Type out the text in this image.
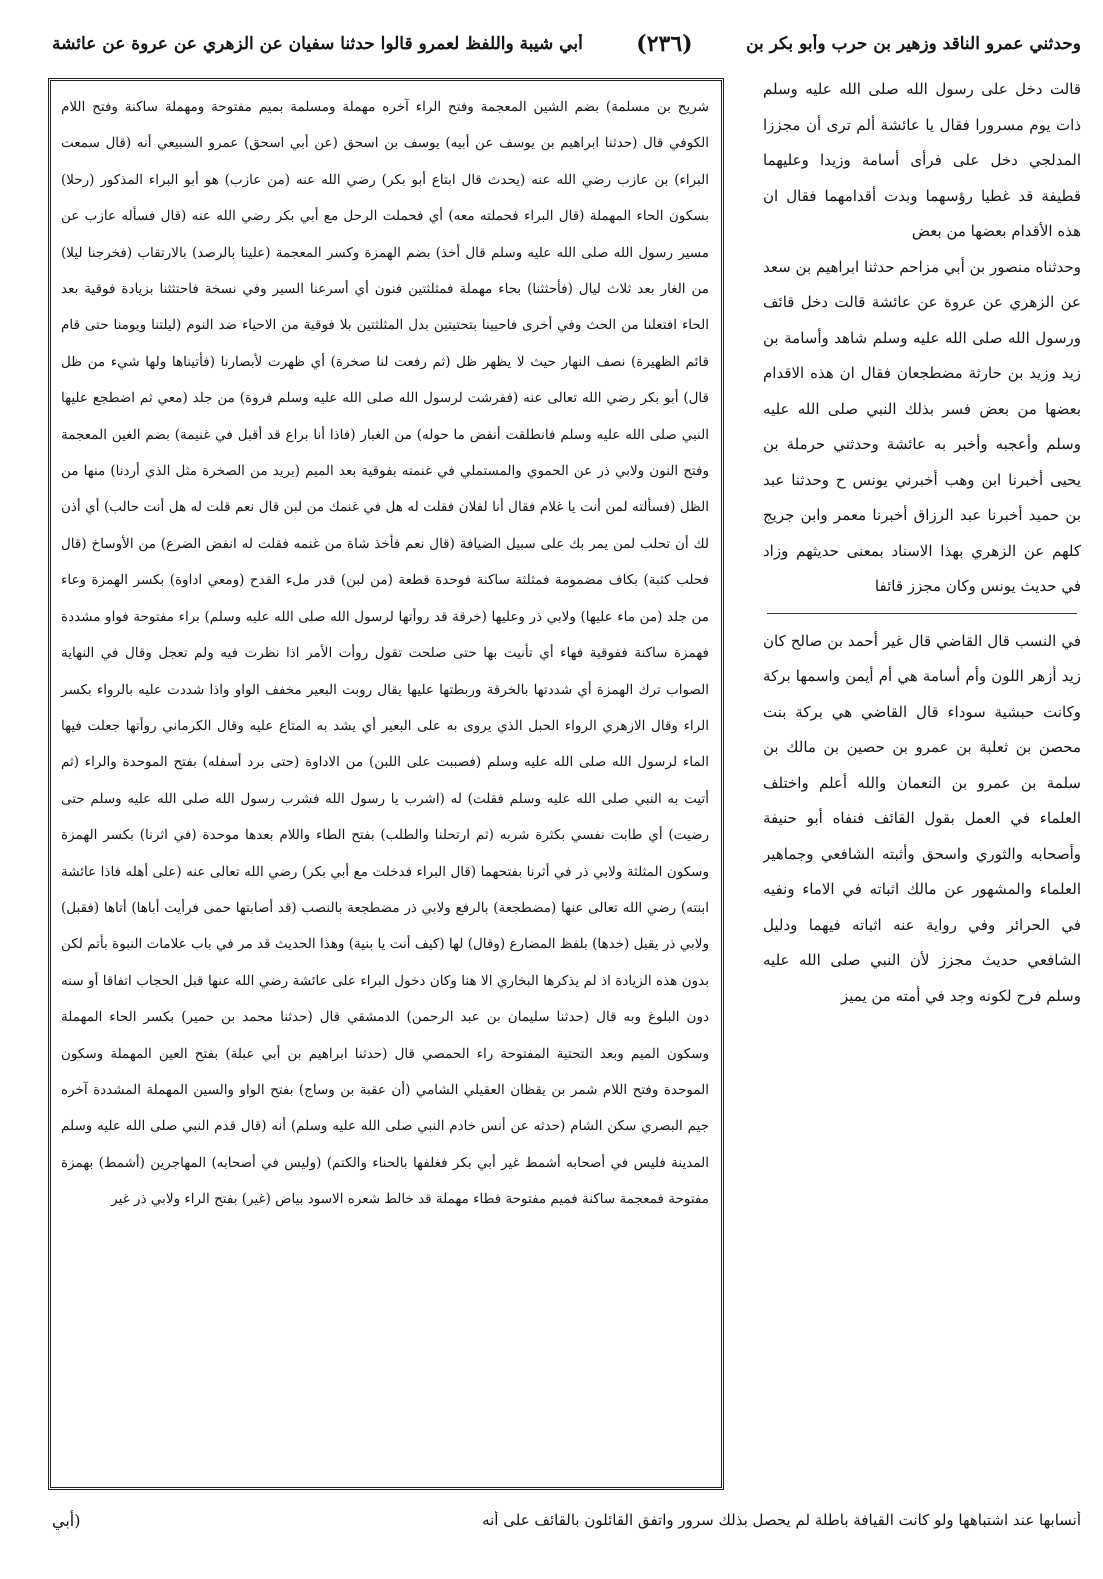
وحدثني عمرو الناقد وزهير بن حرب وأبو بكر بن
(٢٣٦)
أبي شيبة واللفظ لعمرو قالوا حدثنا سفيان عن الزهري عن عروة عن عائشة

قالت دخل على رسول الله صلى الله عليه وسلم ذات يوم مسرورا فقال يا عائشة ألم ترى أن مجززا المدلجي دخل على فرأى أسامة وزيدا وعليهما قطيفة قد غطيا رؤسهما وبدت أقدامهما فقال ان هذه الأقدام بعضها من بعض

وحدثناه منصور بن أبي مزاحم حدثنا ابراهيم بن سعد عن الزهري عن عروة عن عائشة قالت دخل قائف ورسول الله صلى الله عليه وسلم شاهد وأسامة بن زيد وزيد بن حارثة مضطجعان فقال ان هذه الاقدام بعضها من بعض فسر بذلك النبي صلى الله عليه وسلم وأعجبه وأخبر به عائشة وحدثني حرملة بن يحيى أخبرنا ابن وهب أخبرني يونس ح وحدثنا عبد بن حميد أخبرنا عبد الرزاق أخبرنا معمر وابن جريج كلهم عن الزهري بهذا الاسناد بمعنى حديثهم وزاد في حديث يونس وكان مجزز قائفا

في النسب قال القاضي قال غير أحمد بن صالح كان زيد أزهر اللون وأم أسامة هي أم أيمن واسمها بركة وكانت حبشية سوداء قال القاضي هي بركة بنت محصن بن ثعلبة بن عمرو بن حصين بن مالك بن سلمة بن عمرو بن النعمان والله أعلم واختلف العلماء في العمل بقول القائف فنفاه أبو حنيفة وأصحابه والثوري واسحق وأثبته الشافعي وجماهير العلماء والمشهور عن مالك اثباته في الاماء ونفيه في الحرائر وفي رواية عنه اثباته فيهما ودليل الشافعي حديث مجزز لأن النبي صلى الله عليه وسلم فرح لكونه وجد في أمته من يميز

شريح بن مسلمة) بضم الشين المعجمة وفتح الراء آخره مهملة ومسلمة بميم مفتوحة ومهملة ساكنة وفتح اللام الكوفي قال (حدثنا ابراهيم بن يوسف عن أبيه) يوسف بن اسحق (عن أبي اسحق) عمرو السبيعي أنه (قال سمعت البراء) بن عازب رضي الله عنه (يحدث قال ابتاع أبو بكر) رضي الله عنه (من عازب) هو أبو البراء المذكور (رحلا) بسكون الحاء المهملة (قال البراء فحملته معه) أي فحملت الرحل مع أبي بكر رضي الله عنه (قال فسأله عازب عن مسير رسول الله صلى الله عليه وسلم قال أخذ) بضم الهمزة وكسر المعجمة (علينا بالرصد) بالارتقاب (فخرجنا ليلا) من الغار بعد ثلاث ليال (فأحثثنا) بحاء مهملة فمثلثتين فنون أي أسرعنا السير وفي نسخة فاحتثثنا بزيادة فوقية بعد الحاء افتعلنا من الحث وفي أخرى فاحيينا بتحتيتين بدل المثلثتين بلا فوقية من الاحياء ضد النوم (ليلتنا ويومنا حتى قام قائم الظهيرة) نصف النهار حيث لا يظهر ظل (ثم رفعت لنا صخرة) أي ظهرت لأبصارنا (فأتيناها ولها شيء من ظل قال) أبو بكر رضي الله تعالى عنه (ففرشت لرسول الله صلى الله عليه وسلم فروة) من جلد (معي ثم اضطجع عليها النبي صلى الله عليه وسلم فانطلقت أنفض ما حوله) من الغبار (فاذا أنا براع قد أقبل في غنيمة) بضم الغين المعجمة وفتح النون ولابي ذر عن الحموي والمستملي في غنمته بفوقية بعد الميم (يريد من الصخرة مثل الذي أردنا) منها من الظل (فسألته لمن أنت يا غلام فقال أنا لفلان فقلت له هل في غنمك من لبن قال نعم قلت له هل أنت حالب) أي أذن لك أن تحلب لمن يمر بك على سبيل الضيافة (قال نعم فأخذ شاة من غنمه فقلت له انفض الضرع) من الأوساخ (قال فحلب كثبة) بكاف مضمومة فمثلثة ساكنة فوحدة قطعة (من لبن) قدر ملء القدح (ومعي اداوة) بكسر الهمزة وعاء من جلد (من ماء عليها) ولابي ذر وعليها (خرقة قد روأتها لرسول الله صلى الله عليه وسلم) براء مفتوحة فواو مشددة فهمزة ساكنة ففوقية فهاء أي تأنيت بها حتى صلحت تقول روأت الأمر اذا نظرت فيه ولم تعجل وقال في النهاية الصواب ترك الهمزة أي شددتها بالخرقة وربطتها عليها يقال روبت البعير مخفف الواو واذا شددت عليه بالرواء بكسر الراء وقال الازهري الرواء الحبل الذي يروى به على البعير أي يشد به المتاع عليه وقال الكرماني روأتها جعلت فيها الماء لرسول الله صلى الله عليه وسلم (فصببت على اللبن) من الاداوة (حتى برد أسفله) بفتح الموحدة والراء (ثم أتيت به النبي صلى الله عليه وسلم فقلت) له (اشرب يا رسول الله فشرب رسول الله صلى الله عليه وسلم حتى رضيت) أي طابت نفسي بكثرة شربه (ثم ارتحلنا والطلب) بفتح الطاء واللام بعدها موحدة (في اثرنا) بكسر الهمزة وسكون المثلثة ولابي ذر في أثرنا بفتحهما (قال البراء فدخلت مع أبي بكر) رضي الله تعالى عنه (على أهله فاذا عائشة ابنته) رضي الله تعالى عنها (مضطجعة) بالرفع ولابي ذر مضطجعة بالنصب (قد أصابتها حمى فرأيت أباها) أتاها (فقبل) ولابي ذر يقبل (خدها) بلفظ المضارع (وقال) لها (كيف أنت يا بنية) وهذا الحديث قد مر في باب علامات النبوة بأتم لكن بدون هذه الزيادة اذ لم يذكرها البخاري الا هنا وكان دخول البراء على عائشة رضي الله عنها قبل الحجاب اتفاقا أو سنه دون البلوغ وبه قال (حدثنا سليمان بن عبد الرحمن) الدمشقي قال (حدثنا محمد بن حمير) بكسر الحاء المهملة وسكون الميم وبعد التحتية المفتوحة راء الحمصي قال (حدثنا ابراهيم بن أبي عبلة) بفتح العين المهملة وسكون الموحدة وفتح اللام شمر بن يقظان العقيلي الشامي (أن عقبة بن وساج) بفتح الواو والسين المهملة المشددة آخره جيم البصري سكن الشام (حدثه عن أنس خادم النبي صلى الله عليه وسلم) أنه (قال قدم النبي صلى الله عليه وسلم المدينة فليس في أصحابه أشمط غير أبي بكر فغلفها بالحناء والكتم) (وليس في أصحابه) المهاجرين (أشمط) بهمزة مفتوحة فمعجمة ساكنة فميم مفتوحة فطاء مهملة قد خالط شعره الاسود بياض (غير) بفتح الراء ولابي ذر غير

أنسابها عند اشتباهها ولو كانت القيافة باطلة لم يحصل بذلك سرور واتفق القائلون بالقائف على أنه
(أبي
